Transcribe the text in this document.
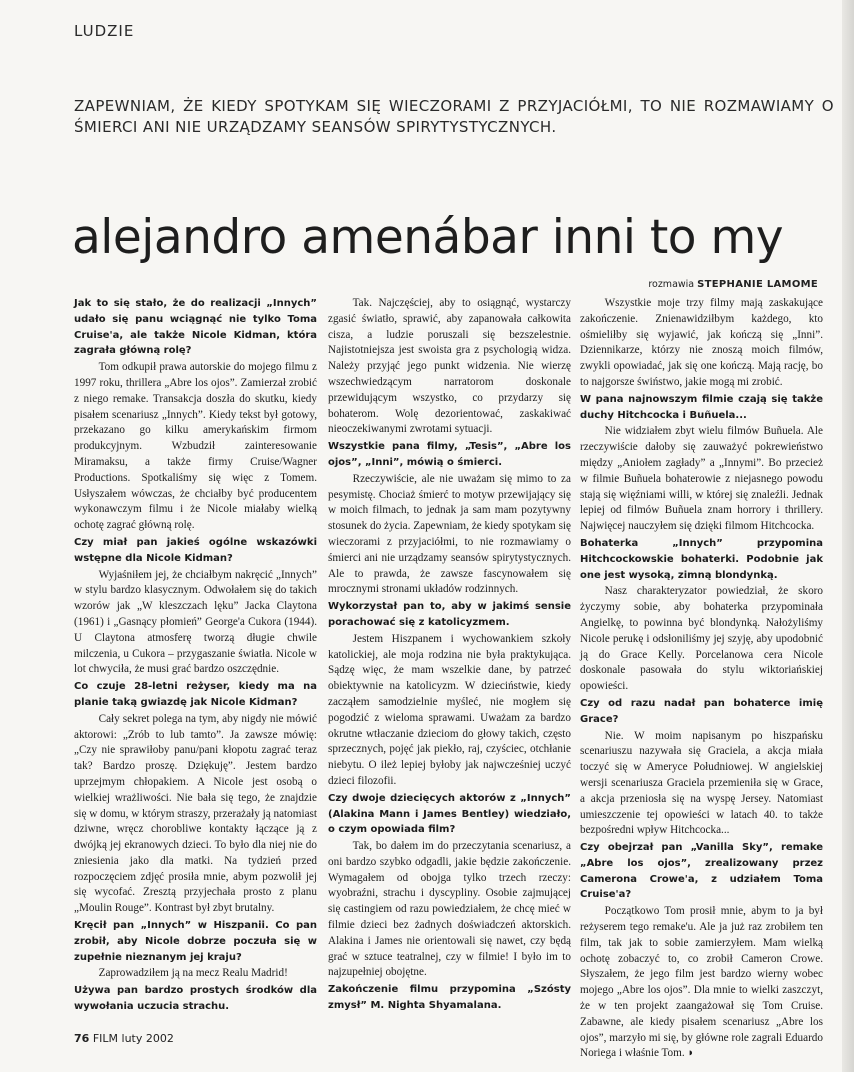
LUDZIE
ZAPEWNIAM, ŻE KIEDY SPOTYKAM SIĘ WIECZORAMI Z PRZYJACIÓŁMI, TO NIE ROZMAWIAMY O ŚMIERCI ANI NIE URZĄDZAMY SEANSÓW SPIRYTYSTYCZNYCH.
alejandro amenábar inni to my
rozmawia STEPHANIE LAMOME

Jak to się stało, że do realizacji „Innych” udało się panu wciągnąć nie tylko Toma Cruise'a, ale także Nicole Kidman, która zagrała główną rolę?

Tom odkupił prawa autorskie do mojego filmu z 1997 roku, thrillera „Abre los ojos”. Zamierzał zrobić z niego remake. Transakcja doszła do skutku, kiedy pisałem scenariusz „Innych”. Kiedy tekst był gotowy, przekazano go kilku amerykańskim firmom produkcyjnym. Wzbudził zainteresowanie Miramaksu, a także firmy Cruise/Wagner Productions. Spotkaliśmy się więc z Tomem. Usłyszałem wówczas, że chciałby być producentem wykonawczym filmu i że Nicole miałaby wielką ochotę zagrać główną rolę.

Czy miał pan jakieś ogólne wskazówki wstępne dla Nicole Kidman?

Wyjaśniłem jej, że chciałbym nakręcić „Innych” w stylu bardzo klasycznym. Odwołałem się do takich wzorów jak „W kleszczach lęku” Jacka Claytona (1961) i „Gasnący płomień” George'a Cukora (1944). U Claytona atmosferę tworzą długie chwile milczenia, u Cukora – przygaszanie światła. Nicole w lot chwyciła, że musi grać bardzo oszczędnie.

Co czuje 28-letni reżyser, kiedy ma na planie taką gwiazdę jak Nicole Kidman?

Cały sekret polega na tym, aby nigdy nie mówić aktorowi: „Zrób to lub tamto”. Ja zawsze mówię: „Czy nie sprawiłoby panu/pani kłopotu zagrać teraz tak? Bardzo proszę. Dziękuję”. Jestem bardzo uprzejmym chłopakiem. A Nicole jest osobą o wielkiej wrażliwości. Nie bała się tego, że znajdzie się w domu, w którym straszy, przerażały ją natomiast dziwne, wręcz chorobliwe kontakty łączące ją z dwójką jej ekranowych dzieci. To było dla niej nie do zniesienia jako dla matki. Na tydzień przed rozpoczęciem zdjęć prosiła mnie, abym pozwolił jej się wycofać. Zresztą przyjechała prosto z planu „Moulin Rouge”. Kontrast był zbyt brutalny.

Kręcił pan „Innych” w Hiszpanii. Co pan zrobił, aby Nicole dobrze poczuła się w zupełnie nieznanym jej kraju?

Zaprowadziłem ją na mecz Realu Madrid!

Używa pan bardzo prostych środków dla wywołania uczucia strachu.

Tak. Najczęściej, aby to osiągnąć, wystarczy zgasić światło, sprawić, aby zapanowała całkowita cisza, a ludzie poruszali się bezszelestnie. Najistotniejsza jest swoista gra z psychologią widza. Należy przyjąć jego punkt widzenia. Nie wierzę wszechwiedzącym narratorom doskonale przewidującym wszystko, co przydarzy się bohaterom. Wolę dezorientować, zaskakiwać nieoczekiwanymi zwrotami sytuacji.

Wszystkie pana filmy, „Tesis”, „Abre los ojos”, „Inni”, mówią o śmierci.

Rzeczywiście, ale nie uważam się mimo to za pesymistę. Chociaż śmierć to motyw przewijający się w moich filmach, to jednak ja sam mam pozytywny stosunek do życia. Zapewniam, że kiedy spotykam się wieczorami z przyjaciółmi, to nie rozmawiamy o śmierci ani nie urządzamy seansów spirytystycznych. Ale to prawda, że zawsze fascynowałem się mrocznymi stronami układów rodzinnych.

Wykorzystał pan to, aby w jakimś sensie porachować się z katolicyzmem.

Jestem Hiszpanem i wychowankiem szkoły katolickiej, ale moja rodzina nie była praktykująca. Sądzę więc, że mam wszelkie dane, by patrzeć obiektywnie na katolicyzm. W dzieciństwie, kiedy zacząłem samodzielnie myśleć, nie mogłem się pogodzić z wieloma sprawami. Uważam za bardzo okrutne wtłaczanie dzieciom do głowy takich, często sprzecznych, pojęć jak piekło, raj, czyściec, otchłanie niebytu. O ileż lepiej byłoby jak najwcześniej uczyć dzieci filozofii.

Czy dwoje dziecięcych aktorów z „Innych” (Alakina Mann i James Bentley) wiedziało, o czym opowiada film?

Tak, bo dałem im do przeczytania scenariusz, a oni bardzo szybko odgadli, jakie będzie zakończenie. Wymagałem od obojga tylko trzech rzeczy: wyobraźni, strachu i dyscypliny. Osobie zajmującej się castingiem od razu powiedziałem, że chcę mieć w filmie dzieci bez żadnych doświadczeń aktorskich. Alakina i James nie orientowali się nawet, czy będą grać w sztuce teatralnej, czy w filmie! I było im to najzupełniej obojętne.

Zakończenie filmu przypomina „Szósty zmysł” M. Nighta Shyamalana.

Wszystkie moje trzy filmy mają zaskakujące zakończenie. Znienawidziłbym każdego, kto ośmieliłby się wyjawić, jak kończą się „Inni”. Dziennikarze, którzy nie znoszą moich filmów, zwykli opowiadać, jak się one kończą. Mają rację, bo to najgorsze świństwo, jakie mogą mi zrobić.

W pana najnowszym filmie czają się także duchy Hitchcocka i Buñuela...

Nie widziałem zbyt wielu filmów Buñuela. Ale rzeczywiście dałoby się zauważyć pokrewieństwo między „Aniołem zagłady” a „Innymi”. Bo przecież w filmie Buñuela bohaterowie z niejasnego powodu stają się więźniami willi, w której się znaleźli. Jednak lepiej od filmów Buñuela znam horrory i thrillery. Najwięcej nauczyłem się dzięki filmom Hitchcocka.

Bohaterka „Innych” przypomina Hitchcockowskie bohaterki. Podobnie jak one jest wysoką, zimną blondynką.

Nasz charakteryzator powiedział, że skoro życzymy sobie, aby bohaterka przypominała Angielkę, to powinna być blondynką. Nałożyliśmy Nicole perukę i odsłoniliśmy jej szyję, aby upodobnić ją do Grace Kelly. Porcelanowa cera Nicole doskonale pasowała do stylu wiktoriańskiej opowieści.

Czy od razu nadał pan bohaterce imię Grace?

Nie. W moim napisanym po hiszpańsku scenariuszu nazywała się Graciela, a akcja miała toczyć się w Ameryce Południowej. W angielskiej wersji scenariusza Graciela przemieniła się w Grace, a akcja przeniosła się na wyspę Jersey. Natomiast umieszczenie tej opowieści w latach 40. to także bezpośredni wpływ Hitchcocka...

Czy obejrzał pan „Vanilla Sky”, remake „Abre los ojos”, zrealizowany przez Camerona Crowe'a, z udziałem Toma Cruise'a?

Początkowo Tom prosił mnie, abym to ja był reżyserem tego remake'u. Ale ja już raz zrobiłem ten film, tak jak to sobie zamierzyłem. Mam wielką ochotę zobaczyć to, co zrobił Cameron Crowe. Słyszałem, że jego film jest bardzo wierny wobec mojego „Abre los ojos”. Dla mnie to wielki zaszczyt, że w ten projekt zaangażował się Tom Cruise. Zabawne, ale kiedy pisałem scenariusz „Abre los ojos”, marzyło mi się, by główne role zagrali Eduardo Noriega i właśnie Tom. ◗

76 FILM luty 2002
